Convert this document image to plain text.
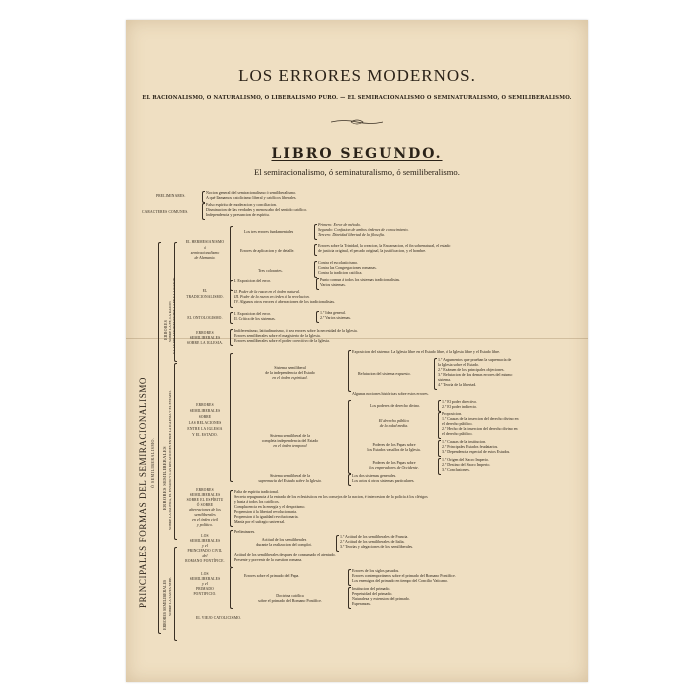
LOS ERRORES MODERNOS.
EL RACIONALISMO, Ó NATURALISMO, Ó LIBERALISMO PURO. — EL SEMIRACIONALISMO Ó SEMINATURALISMO, Ó SEMILIBERALISMO.
LIBRO SEGUNDO.
El semiracionalismo, ó seminaturalismo, ó semiliberalismo.
PRELIMINARES.
Nocion general del semiracionalismo ó semiliberalismo.
A qué llamamos catolicismo liberal y católicos liberales.
CARACTERES COMUNES.
Falso espíritu de moderacion y conciliacion.
Disminucion de las verdades y menoscabo del sentido católico.
Independencia y presuncion de espíritu.
PRINCIPALES FORMAS DEL SEMIRACIONALISMO Ó SEMILIBERALISMO.
ERRORES SOBRE LA FE, LA RAZON Y LAS RELACIONES ENTRE LA FE Y LA RAZON.
ERRORES SEMILIBERALES SOBRE LA IGLESIA, EL ESTADO Y LAS RELACIONES ENTRE LA IGLESIA Y EL ESTADO.
ERRORES SEMILIBERALES SOBRE LA SANTA SEDE.
EL HERMESIANISMO
ó
semiracionalismo
de Alemania.
Los tres errores fundamentales
Primero: Error de método.
Segundo: Confusion de ambos órdenes de conocimiento.
Tercero: Dineidad libertad de la filosofía.
Errores de aplicacion y de detalle.
Errores sobre la Trinidad, la creacion, la Encarnacion, el fin sobrenatural, el estado
de justicia original, el pecado original, la justificacion, y el hombre.
Tres coloraries.
Contra el escolasticismo.
Contra las Congregaciones romanas.
Contra la tradicion católica.
EL
TRADICIONALISMO.
I. Exposicion del error.
II. Poder de la razon en el órden natural.
III. Poder de la razon en órden á la revelacion.
IV. Algunos otros errores ó aberraciones de los tradicionalistas.
Punto comun á todos los sistemas tradicionalistas.
Varios sistemas.
EL ONTOLOGISMO.
I. Exposicion del error.
II. Crítica de los sistemas.
1.º Idea general.
2.º Varios sistemas.
ERRORES
SEMILIBERALES
SOBRE LA IGLESIA.
Indiferentismo, latitudinarismo, ó sea errores sobre la necesidad de la Iglesia.
Errores semiliberales sobre el magisterio de la Iglesia.
Errores semiliberales sobre el poder coercitivo de la Iglesia.
ERRORES
SEMILIBERALES
SOBRE
LAS RELACIONES
ENTRE LA IGLESIA
Y EL ESTADO.
Sistema semiliberal
de la independencia del Estado
en el órden espiritual.
Exposicion del sistema: La Iglesia libre en el Estado libre, ó la Iglesia libre y el Estado libre.
Refutacion del sistema expuesto.
1.º Argumentos que prueban la supremacía de
la Iglesia sobre el Estado.
2.º Exámen de los principales objeciones.
3.º Refutacion de los demas errores del mismo
sistema.
4.º Teoría de la libertad.
Algunas nociones históricas sobre estos errores.
Sistema semiliberal de la
completa independencia del Estado
en el órden temporal
Los poderes de derecho divino.
1.º El poder directivo.
2.º El poder indirecto.
El derecho público
de la edad media.
Proposicion.
1.º Causas de la insercion del derecho divino en
el derecho público.
2.º Hecho de la insercion del derecho divino en
el derecho público.
Poderes de los Papas sobre
los Estados vasallos de la Iglesia.
1.º Causas de la institucion.
2.º Principales Estados feudatarios.
3.º Dependencia especial de estos Estados.
Poderes de los Papas sobre
los emperadores de Occidente.
1.º Origen del Sacro Imperio.
2.º Destino del Sacro Imperio.
3.º Conclusiones.
Sistema semiliberal de la
supremacía del Estado sobre la Iglesia.
Los dos sistemas generales.
Los actos ú otros sistemas particulares.
ERRORES
SEMILIBERALES
SOBRE EL ESPÍRITU
Ó SOBRE
aberraciones de los
semiliberales
en el órden civil
y político.
Falta de espíritu tradicional.
Secreta repugnancia á la entrada de los eclesiásticos en los consejos de la nacion, é intercesion de la policía á los clérigos
y hasta á todos los católicos.
Complacencia en la energía y el despotismo.
Propension á la libertad revolucionaria.
Propension á la igualdad revolucionaria.
Manía por el sufragio universal.
LOS
SEMILIBERALES
y el
PRINCIPADO CIVIL
del
ROMANO PONTÍFICE.
Preliminares.
Actitud de los semiliberales
durante la realizacion del complot.
1.º Actitud de los semiliberales de Francia.
2.º Actitud de los semiliberales de Italia.
3.º Teorías y alegaciones de los semiliberales.
Actitud de los semiliberales despues de consumado el atentado.
Presente y porvenir de la cuestion romana.
LOS
SEMILIBERALES
y el
PRIMADO
PONTIFICIO.
Errores sobre el primado del Papa.
Errores de los siglos pasados.
Errores contemporáneos sobre el primado del Romano Pontífice.
Los enemigos del primado en tiempo del Concilio Vaticano.
Doctrina católica
sobre el primado del Romano Pontífice.
Institucion del primado.
Perpetuidad del primado.
Naturaleza y extension del primado.
Esperanzas.
EL VIEJO CATOLICISMO.
